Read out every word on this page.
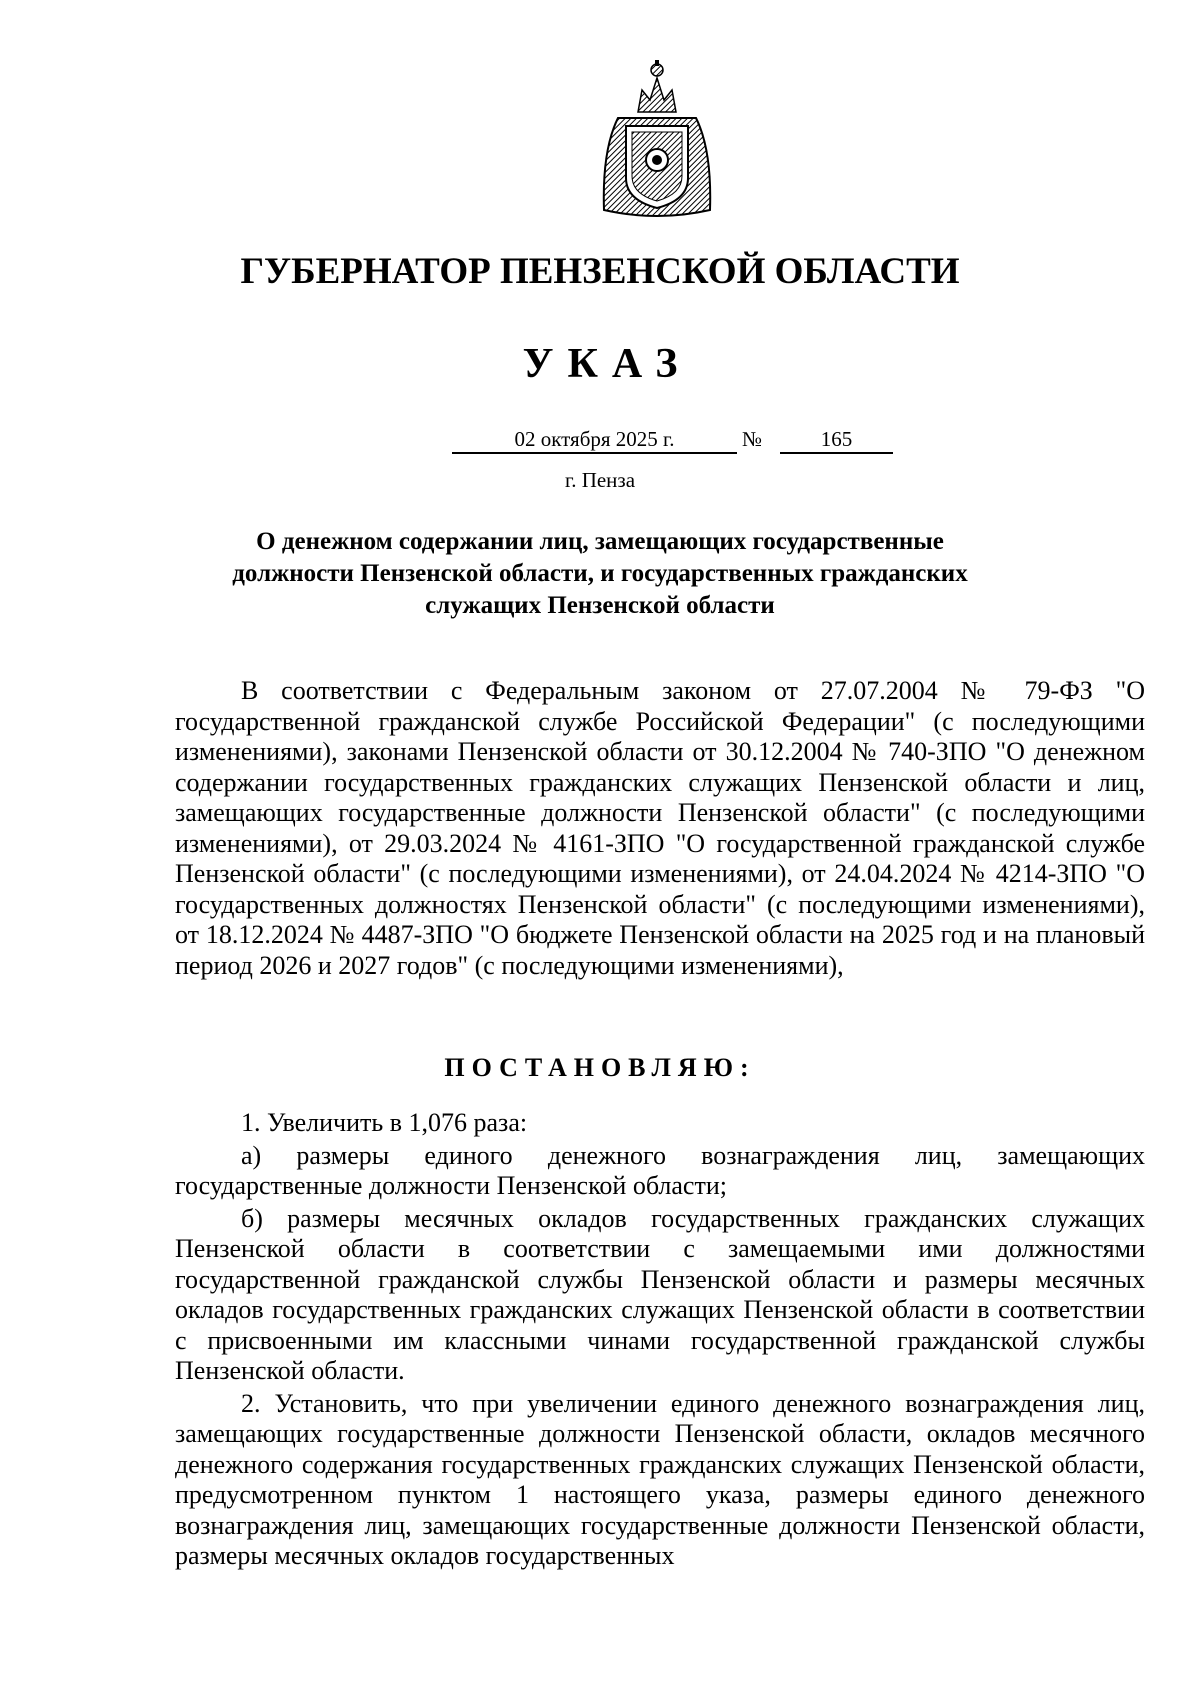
ГУБЕРНАТОР ПЕНЗЕНСКОЙ ОБЛАСТИ
УКАЗ
02 октября 2025 г.	№	165
г. Пенза
О денежном содержании лиц, замещающих государственные должности Пензенской области, и государственных гражданских служащих Пензенской области

В соответствии с Федеральным законом от 27.07.2004 № 79-ФЗ "О государственной гражданской службе Российской Федерации" (с последующими изменениями), законами Пензенской области от 30.12.2004 № 740-ЗПО "О денежном содержании государственных гражданских служащих Пензенской области и лиц, замещающих государственные должности Пензенской области" (с последующими изменениями), от 29.03.2024 № 4161-ЗПО "О государственной гражданской службе Пензенской области" (с последующими изменениями), от 24.04.2024 № 4214-ЗПО "О государственных должностях Пензенской области" (с последующими изменениями), от 18.12.2024 № 4487-ЗПО "О бюджете Пензенской области на 2025 год и на плановый период 2026 и 2027 годов" (с последующими изменениями),

ПОСТАНОВЛЯЮ:

1. Увеличить в 1,076 раза:

а) размеры единого денежного вознаграждения лиц, замещающих государственные должности Пензенской области;

б) размеры месячных окладов государственных гражданских служащих Пензенской области в соответствии с замещаемыми ими должностями государственной гражданской службы Пензенской области и размеры месячных окладов государственных гражданских служащих Пензенской области в соответствии с присвоенными им классными чинами государственной гражданской службы Пензенской области.

2. Установить, что при увеличении единого денежного вознаграждения лиц, замещающих государственные должности Пензенской области, окладов месячного денежного содержания государственных гражданских служащих Пензенской области, предусмотренном пунктом 1 настоящего указа, размеры единого денежного вознаграждения лиц, замещающих государственные должности Пензенской области, размеры месячных окладов государственных
